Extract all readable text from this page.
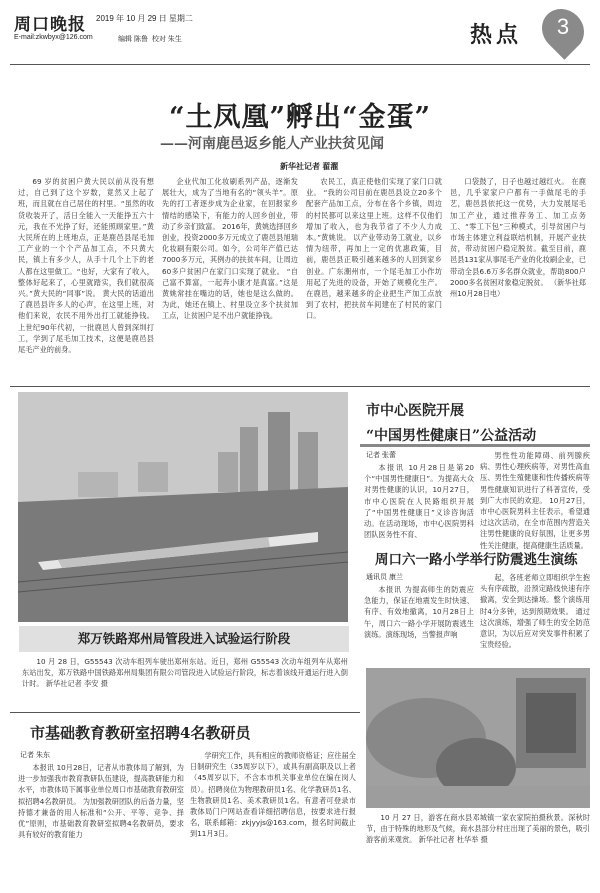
周口晚报 2019 年 10 月 29 日 星期二
E-mail:zkwbyx@126.com	编辑 陈鲁 校对 朱生	热点	3
“土凤凰”孵出“金蛋”
——河南鹿邑返乡能人产业扶贫见闻
新华社记者 翟濯

69 岁的贫困户黄大民以前从没有想过，自己到了这个岁数，竟然又上起了班，而且就在自己居住的村里。“虽然的收货收装开了，活日全能入一天能挣五六十元，我在不光挣了好，还能照顾家里。”黄大民所在的上班地点，正是鹿邑县尾毛加工产业的一个个产品加工点，不只黄大民，镇上有多少人，从手十几个上下的老人都在这里做工。“也好，大家有了收入，整体好起来了，心里就踏实，我们就很高兴。”黄大民的“同事”说。 黄大民的话道出了鹿邑县许多人的心声，在这里上班，对他们来说，农民不用外出打工就能挣钱。上世纪90年代初，一批鹿邑人曾到深圳打工，学到了尾毛加工技术，这便是鹿邑县尾毛产业的前身。

企业代加工化妆刷系列产品，逐渐发展壮大，成为了当地有名的“领头羊”。原先的打工者逐步成为企业家，在回报家乡情结的感染下，有能力的人回乡创业，带动了乡亲们致富。 2016年，黄姚选择回乡创业，投资2000多万元成立了鹿邑县旭瑞化妆刷有限公司。如今，公司年产值已达7000多万元，其例办的扶贫车间，让周边60多户贫困户在家门口实现了就业。 “自己富不算富，一起奔小康才是真富。”这是黄姚常挂在嘴边的话，她也是这么做的。为此，她还在镇上、村里设立多个扶贫加工点，让贫困户足不出户就能挣钱。

农民工，真正使他们实现了家门口就业。 “我的公司目前在鹿邑县设立20多个配套产品加工点，分布在各个乡镇，周边的村民都可以来这里上班。这样不仅他们增加了收入，也为我节省了不少人力成本。”黄姚说。 以产业带动务工就业，以乡情为纽带，再加上一定的优惠政策，目前，鹿邑县正吸引越来越多的人回到家乡创业。广东潮州市，一个尾毛加工小作坊用起了先进的设备，开始了规模化生产。在鹿邑，越来越多的企业把生产加工点放到了农村，把扶贫车间建在了村民的家门口。

口袋鼓了，日子也越过越红火。 在鹿邑，几乎家家户户都有一手做尾毛的手艺，鹿邑县依托这一优势，大力发展尾毛加工产业，通过推荐务工、加工点务工、“零工下包”三种模式，引导贫困户与市场主体建立利益联结机制，开展产业扶贫，带动贫困户稳定脱贫。截至目前，鹿邑县131家从事尾毛产业的化妆刷企业，已带动全县6.6万多名群众就业，帮助800户2000多名贫困对象稳定脱贫。 （新华社郑州10月28日电）

郑万铁路郑州局管段进入试验运行阶段

10 月 28 日，G55543 次动车组列车驶出郑州东站。近日，郑州 G55543 次动车组列车从郑州东站出发，郑万铁路中国铁路郑州局集团有限公司管段进入试验运行阶段，标志着该线开通运行进入倒计时。 新华社记者 李安 摄

市中心医院开展
“中国男性健康日”公益活动
记者 张蕾

本报讯 10月28日是第20个“中国男性健康日”。为提高大众对男性健康的认识，10月27日，市中心医院在人民路组织开展了“中国男性健康日”义诊咨询活动。在活动现场，市中心医院男科团队医务性不育、

男性性功能障碍、前列腺疾病、男性心理疾病等，对男性高血压、男性生殖健康和性传播疾病等男性健康知识进行了科普宣传，受到广大市民的欢迎。 10月27日，市中心医院男科主任表示，希望通过这次活动，在全市范围内营造关注男性健康的良好氛围，让更多男性关注健康，提高健康生活质量。

周口六一路小学举行防震逃生演练
通讯员 康兰

本报讯 为提高师生的防震应急能力，保证在地震发生时快速、有序、有效地撤离，10月28日上午，周口六一路小学开展防震逃生演练。演练现场，当警报声响

起，各班老师立即组织学生抱头有序疏散，沿预定路线快速有序撤离，安全到达操场。整个演练用时4分多钟，达到预期效果。 通过这次演练，增强了师生的安全防范意识，为以后应对突发事件积累了宝贵经验。

市基础教育教研室招聘4名教研员
记者 朱东

本报讯 10月28日，记者从市教体局了解到，为进一步加强我市教育教研队伍建设，提高教研能力和水平，市教体局下属事业单位周口市基础教育教研室拟招聘4名教研员。 为加强教研团队的后备力量，坚持德才兼备的用人标准和“公开、平等、竞争、择优”原则，市基础教育教研室拟聘4名教研员，要求具有较好的教育能力

学研究工作，具有相应的教师资格证；应往届全日制研究生（35周岁以下），或具有副高职及以上者（45周岁以下，不含本市机关事业单位在编在岗人员）。招聘岗位为物理教研员1名、化学教研员1名、生物教研员1名、美术教研员1名。有意者可登录市教体局门户网站查看详细招聘信息，按要求进行报名，联系邮箱：zkjyyjs@163.com，报名时间截止到11月3日。

10 月 27 日，游客在商水县邓城镇一家农家院拍摄秋景。深秋时节，由于特殊的地形及气候，商水县部分村庄出现了美丽的景色，吸引游客前来观赏。 新华社记者 杜华举 摄
